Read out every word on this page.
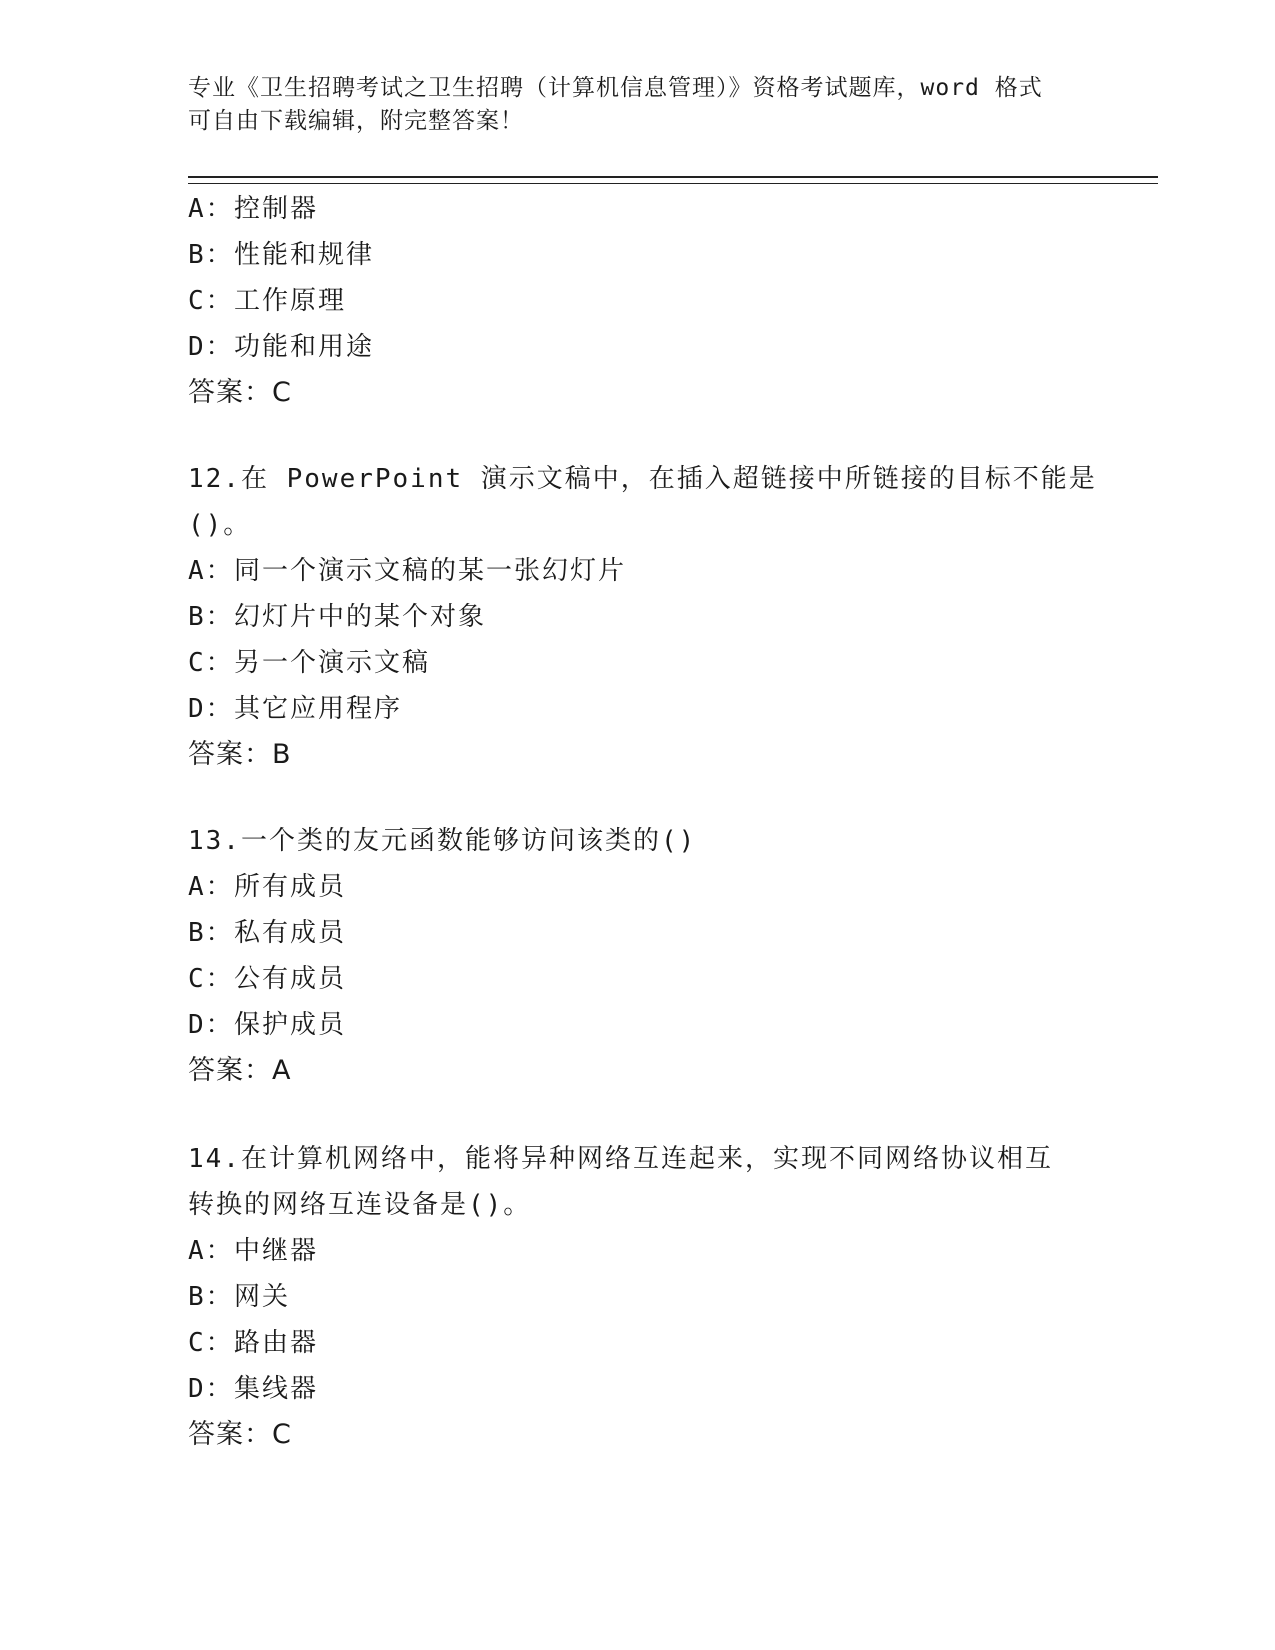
专业《卫生招聘考试之卫生招聘（计算机信息管理）》资格考试题库，word 格式
可自由下载编辑，附完整答案！
A：控制器
B：性能和规律
C：工作原理
D：功能和用途
答案：C
12.在 PowerPoint 演示文稿中，在插入超链接中所链接的目标不能是
()。
A：同一个演示文稿的某一张幻灯片
B：幻灯片中的某个对象
C：另一个演示文稿
D：其它应用程序
答案：B
13.一个类的友元函数能够访问该类的()
A：所有成员
B：私有成员
C：公有成员
D：保护成员
答案：A
14.在计算机网络中，能将异种网络互连起来，实现不同网络协议相互
转换的网络互连设备是()。
A：中继器
B：网关
C：路由器
D：集线器
答案：C
